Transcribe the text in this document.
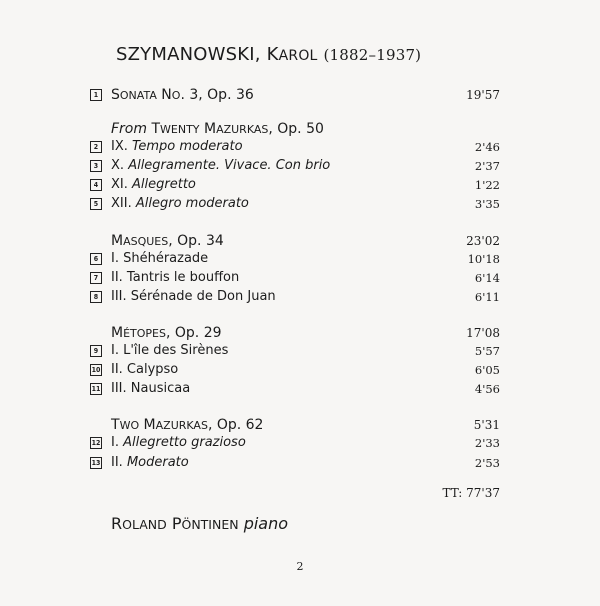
SZYMANOWSKI, KAROL (1882–1937)
1 SONATA NO. 3, Op. 36	19'57
From TWENTY MAZURKAS, Op. 50
2 IX. Tempo moderato	2'46
3 X. Allegramente. Vivace. Con brio	2'37
4 XI. Allegretto	1'22
5 XII. Allegro moderato	3'35
MASQUES, Op. 34	23'02
6 I. Shéhérazade	10'18
7 II. Tantris le bouffon	6'14
8 III. Sérénade de Don Juan	6'11
MÉTOPES, Op. 29	17'08
9 I. L'île des Sirènes	5'57
10 II. Calypso	6'05
11 III. Nausicaa	4'56
TWO MAZURKAS, Op. 62	5'31
12 I. Allegretto grazioso	2'33
13 II. Moderato	2'53
TT: 77'37
ROLAND PÖNTINEN piano
2
